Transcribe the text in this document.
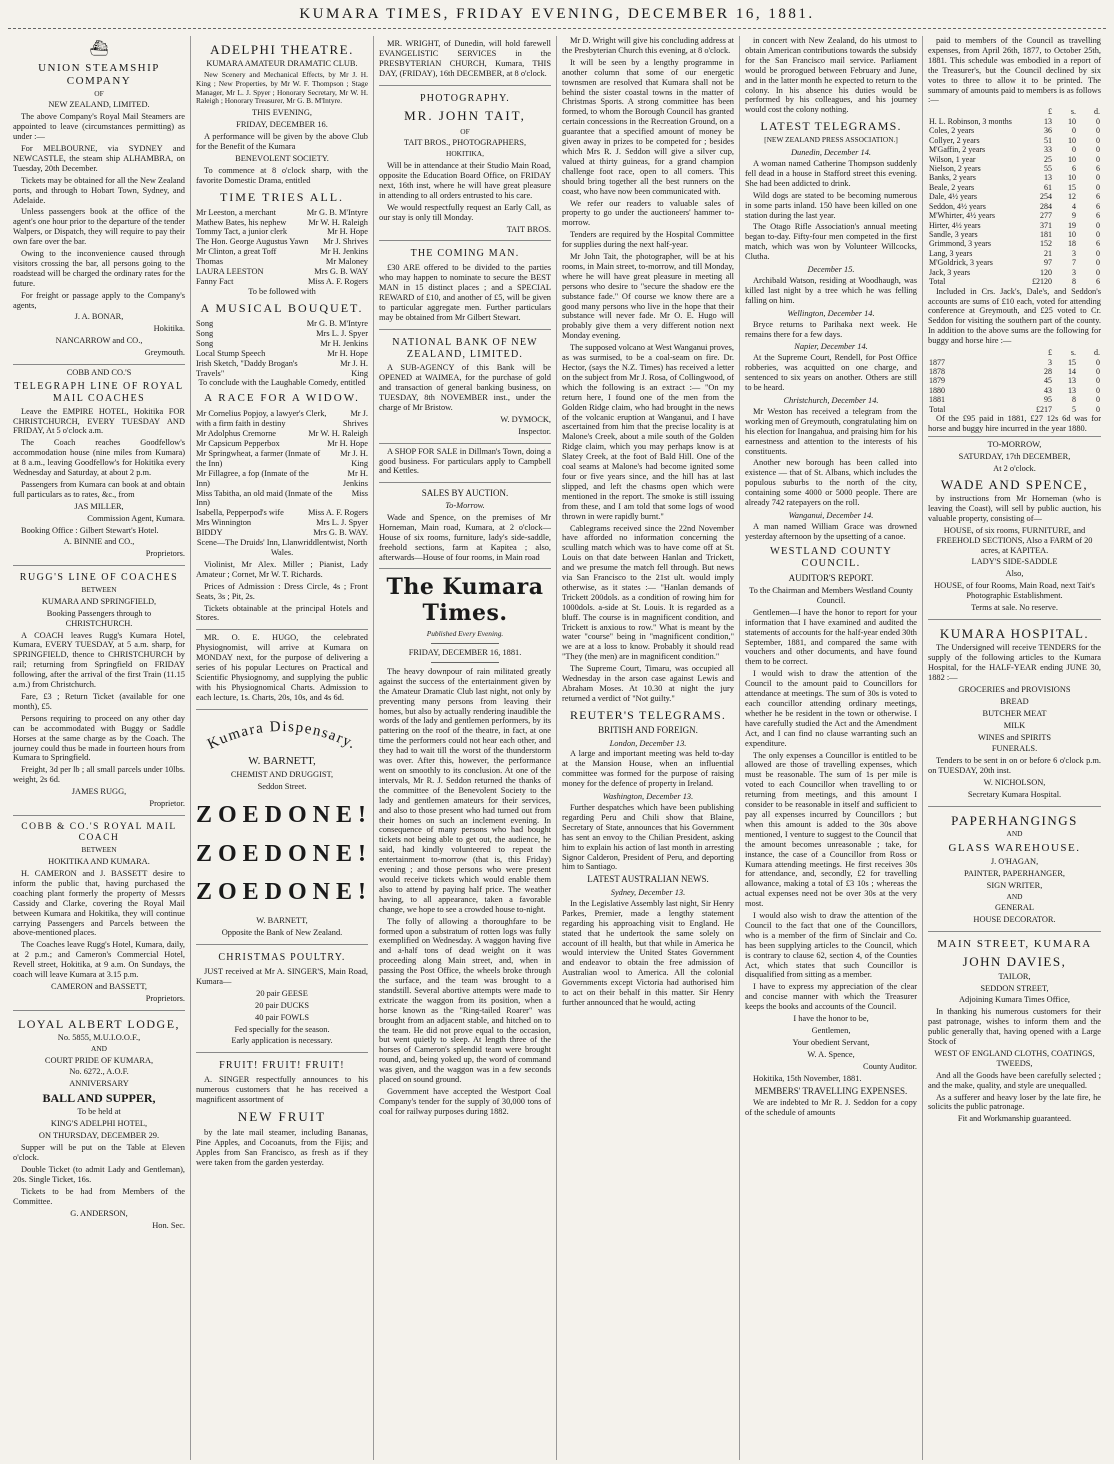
KUMARA TIMES, FRIDAY EVENING, DECEMBER 16, 1881.
⛴
UNION STEAMSHIP COMPANY

OF

NEW ZEALAND, LIMITED.

The above Company's Royal Mail Steamers are appointed to leave (circumstances permitting) as under :—

For MELBOURNE, via SYDNEY and NEWCASTLE, the steam ship ALHAMBRA, on Tuesday, 20th December.

Tickets may be obtained for all the New Zealand ports, and through to Hobart Town, Sydney, and Adelaide.

Unless passengers book at the office of the agent's one hour prior to the departure of the tender Walpers, or Dispatch, they will require to pay their own fare over the bar.

Owing to the inconvenience caused through visitors crossing the bar, all persons going to the roadstead will be charged the ordinary rates for the future.

For freight or passage apply to the Company's agents,

J. A. BONAR,

Hokitika.

NANCARROW and CO.,

Greymouth.

COBB AND CO.'S

TELEGRAPH LINE OF ROYAL MAIL COACHES

Leave the EMPIRE HOTEL, Hokitika FOR CHRISTCHURCH, EVERY TUESDAY AND FRIDAY, At 5 o'clock a.m.

The Coach reaches Goodfellow's accommodation house (nine miles from Kumara) at 8 a.m., leaving Goodfellow's for Hokitika every Wednesday and Saturday, at about 2 p.m.

Passengers from Kumara can book at and obtain full particulars as to rates, &c., from

JAS MILLER,

Commission Agent, Kumara.

Booking Office : Gilbert Stewart's Hotel.

A. BINNIE and CO.,

Proprietors.

RUGG'S LINE OF COACHES

BETWEEN

KUMARA AND SPRINGFIELD,

Booking Passengers through to CHRISTCHURCH.

A COACH leaves Rugg's Kumara Hotel, Kumara, EVERY TUESDAY, at 5 a.m. sharp, for SPRINGFIELD, thence to CHRISTCHURCH by rail; returning from Springfield on FRIDAY following, after the arrival of the first Train (11.15 a.m.) from Christchurch.

Fare, £3 ; Return Ticket (available for one month), £5.

Persons requiring to proceed on any other day can be accommodated with Buggy or Saddle Horses at the same charge as by the Coach. The journey could thus be made in fourteen hours from Kumara to Springfield.

Freight, 3d per lb ; all small parcels under 10lbs. weight, 2s 6d.

JAMES RUGG,

Proprietor.

COBB & CO.'S ROYAL MAIL COACH

BETWEEN

HOKITIKA AND KUMARA.

H. CAMERON and J. BASSETT desire to inform the public that, having purchased the coaching plant formerly the property of Messrs Cassidy and Clarke, covering the Royal Mail between Kumara and Hokitika, they will continue carrying Passengers and Parcels between the above-mentioned places.

The Coaches leave Rugg's Hotel, Kumara, daily, at 2 p.m.; and Cameron's Commercial Hotel, Revell street, Hokitika, at 9 a.m. On Sundays, the coach will leave Kumara at 3.15 p.m.

CAMERON and BASSETT,

Proprietors.

LOYAL ALBERT LODGE,

No. 5855, M.U.I.O.O.F.,

AND

COURT PRIDE OF KUMARA,

No. 6272., A.O.F.

ANNIVERSARY

BALL AND SUPPER,

To be held at

KING'S ADELPHI HOTEL,

ON THURSDAY, DECEMBER 29.

Supper will be put on the Table at Eleven o'clock.

Double Ticket (to admit Lady and Gentleman), 20s. Single Ticket, 16s.

Tickets to be had from Members of the Committee.

G. ANDERSON,

Hon. Sec.

ADELPHI THEATRE.

KUMARA AMATEUR DRAMATIC CLUB.

New Scenery and Mechanical Effects, by Mr J. H. King ; New Properties, by Mr W. F. Thompson ; Stage Manager, Mr L. J. Spyer ; Honorary Secretary, Mr W. H. Raleigh ; Honorary Treasurer, Mr G. B. M'Intyre.

THIS EVENING,

FRIDAY, DECEMBER 16.

A performance will be given by the above Club for the Benefit of the Kumara

BENEVOLENT SOCIETY.

To commence at 8 o'clock sharp, with the favorite Domestic Drama, entitled

TIME TRIES ALL.
Mr Leeston, a merchant	Mr G. B. M'Intyre
Mathew Bates, his nephew	Mr W. H. Raleigh
Tommy Tact, a junior clerk	Mr H. Hope
The Hon. George Augustus Yawn Mr J. Shrives
Mr Clinton, a great Toff	Mr H. Jenkins
Thomas	Mr Maloney
LAURA LEESTON	Mrs G. B. WAY
Fanny Fact	Miss A. F. Rogers

To be followed with

A MUSICAL BOUQUET.
Song	Mr G. B. M'Intyre
Song	Mrs L. J. Spyer
Song	Mr H. Jenkins
Local Stump Speech	Mr H. Hope
Irish Sketch, "Daddy Brogan's Travels"
Mr J. H. King

To conclude with the Laughable Comedy, entitled

A RACE FOR A WIDOW.
Mr Cornelius Popjoy, a lawyer's Clerk, with a firm faith in destiny
Mr J. Shrives
Mr Adolphus Cremorne	Mr W. H. Raleigh
Mr Capsicum Pepperbox	Mr H. Hope
Mr Springwheat, a farmer (Inmate of the Inn)
Mr J. H. King
Mr Fillagree, a fop (Inmate of the Inn)
Mr H. Jenkins
Miss Tabitha, an old maid (Inmate of the Inn)
Miss
Isabella, Pepperpod's wife	Miss A. F. Rogers
Mrs Winnington	Mrs L. J. Spyer
BIDDY	Mrs G. B. WAY.

Scene—The Druids' Inn, Llanwriddlentwist, North Wales.

Violinist, Mr Alex. Miller ; Pianist, Lady Amateur ; Cornet, Mr W. T. Richards.

Prices of Admission : Dress Circle, 4s ; Front Seats, 3s ; Pit, 2s.

Tickets obtainable at the principal Hotels and Stores.

MR. O. E. HUGO, the celebrated Physiognomist, will arrive at Kumara on MONDAY next, for the purpose of delivering a series of his popular Lectures on Practical and Scientific Physiognomy, and supplying the public with his Physiognomical Charts. Admission to each lecture, 1s. Charts, 20s, 10s, and 4s 6d.

Kumara Dispensary.

W. BARNETT,

CHEMIST AND DRUGGIST,

Seddon Street.

ZOEDONE!
ZOEDONE!
ZOEDONE!

W. BARNETT,

Opposite the Bank of New Zealand.

CHRISTMAS POULTRY.

JUST received at Mr A. SINGER'S, Main Road, Kumara—

20 pair GEESE

20 pair DUCKS

40 pair FOWLS

Fed specially for the season.

Early application is necessary.

FRUIT! FRUIT! FRUIT!

A. SINGER respectfully announces to his numerous customers that he has received a magnificent assortment of

NEW FRUIT

by the late mail steamer, including Bananas, Pine Apples, and Cocoanuts, from the Fijis; and Apples from San Francisco, as fresh as if they were taken from the garden yesterday.

MR. WRIGHT, of Dunedin, will hold farewell EVANGELISTIC SERVICES in the PRESBYTERIAN CHURCH, Kumara, THIS DAY, (FRIDAY), 16th DECEMBER, at 8 o'clock.

PHOTOGRAPHY.
MR. JOHN TAIT,

OF

TAIT BROS., PHOTOGRAPHERS,

HOKITIKA,

Will be in attendance at their Studio Main Road, opposite the Education Board Office, on FRIDAY next, 16th inst, where he will have great pleasure in attending to all orders entrusted to his care.

We would respectfully request an Early Call, as our stay is only till Monday.

TAIT BROS.

THE COMING MAN.

£30 ARE offered to be divided to the parties who may happen to nominate to secure the BEST MAN in 15 distinct places ; and a SPECIAL REWARD of £10, and another of £5, will be given to particular aggregate men. Further particulars may be obtained from Mr Gilbert Stewart.

NATIONAL BANK OF NEW ZEALAND, LIMITED.

A SUB-AGENCY of this Bank will be OPENED at WAIMEA, for the purchase of gold and transaction of general banking business, on TUESDAY, 8th NOVEMBER inst., under the charge of Mr Bristow.

W. DYMOCK,

Inspector.

A SHOP FOR SALE in Dillman's Town, doing a good business. For particulars apply to Campbell and Kettles.

SALES BY AUCTION.

To-Morrow.

Wade and Spence, on the premises of Mr Horneman, Main road, Kumara, at 2 o'clock—House of six rooms, furniture, lady's side-saddle, freehold sections, farm at Kapitea ; also, afterwards—House of four rooms, in Main road

The Kumara Times.

Published Every Evening.

FRIDAY, DECEMBER 16, 1881.

The heavy downpour of rain militated greatly against the success of the entertainment given by the Amateur Dramatic Club last night, not only by preventing many persons from leaving their homes, but also by actually rendering inaudible the words of the lady and gentlemen performers, by its pattering on the roof of the theatre, in fact, at one time the performers could not hear each other, and they had to wait till the worst of the thunderstorm was over. After this, however, the performance went on smoothly to its conclusion. At one of the intervals, Mr R. J. Seddon returned the thanks of the committee of the Benevolent Society to the lady and gentlemen amateurs for their services, and also to those present who had turned out from their homes on such an inclement evening. In consequence of many persons who had bought tickets not being able to get out, the audience, he said, had kindly volunteered to repeat the entertainment to-morrow (that is, this Friday) evening ; and those persons who were present would receive tickets which would enable them also to attend by paying half price. The weather having, to all appearance, taken a favorable change, we hope to see a crowded house to-night.

The folly of allowing a thoroughfare to be formed upon a substratum of rotten logs was fully exemplified on Wednesday. A waggon having five and a-half tons of dead weight on it was proceeding along Main street, and, when in passing the Post Office, the wheels broke through the surface, and the team was brought to a standstill. Several abortive attempts were made to extricate the waggon from its position, when a horse known as the "Ring-tailed Roarer" was brought from an adjacent stable, and hitched on to the team. He did not prove equal to the occasion, but went quietly to sleep. At length three of the horses of Cameron's splendid team were brought round, and, being yoked up, the word of command was given, and the waggon was in a few seconds placed on sound ground.

Government have accepted the Westport Coal Company's tender for the supply of 30,000 tons of coal for railway purposes during 1882.

Mr D. Wright will give his concluding address at the Presbyterian Church this evening, at 8 o'clock.

It will be seen by a lengthy programme in another column that some of our energetic townsmen are resolved that Kumara shall not be behind the sister coastal towns in the matter of Christmas Sports. A strong committee has been formed, to whom the Borough Council has granted certain concessions in the Recreation Ground, on a guarantee that a specified amount of money be given away in prizes to be competed for ; besides which Mrs R. J. Seddon will give a silver cup, valued at thirty guineas, for a grand champion challenge foot race, open to all comers. This should bring together all the best runners on the coast, who have now been communicated with.

We refer our readers to valuable sales of property to go under the auctioneers' hammer to-morrow.

Tenders are required by the Hospital Committee for supplies during the next half-year.

Mr John Tait, the photographer, will be at his rooms, in Main street, to-morrow, and till Monday, where he will have great pleasure in meeting all persons who desire to "secure the shadow ere the substance fade." Of course we know there are a good many persons who live in the hope that their substance will never fade. Mr O. E. Hugo will probably give them a very different notion next Monday evening.

The supposed volcano at West Wanganui proves, as was surmised, to be a coal-seam on fire. Dr. Hector, (says the N.Z. Times) has received a letter on the subject from Mr J. Rosa, of Collingwood, of which the following is an extract :— "On my return here, I found one of the men from the Golden Ridge claim, who had brought in the news of the volcanic eruption at Wanganui, and I have ascertained from him that the precise locality is at Malone's Creek, about a mile south of the Golden Ridge claim, which you may perhaps know is at Slatey Creek, at the foot of Bald Hill. One of the coal seams at Malone's had become ignited some four or five years since, and the hill has at last slipped, and left the chasms open which were mentioned in the report. The smoke is still issuing from these, and I am told that some logs of wood thrown in were rapidly burnt."

Cablegrams received since the 22nd November have afforded no information concerning the sculling match which was to have come off at St. Louis on that date between Hanlan and Trickett, and we presume the match fell through. But news via San Francisco to the 21st ult. would imply otherwise, as it states :— "Hanlan demands of Trickett 200dols. as a condition of rowing him for 1000dols. a-side at St. Louis. It is regarded as a bluff. The course is in magnificent condition, and Trickett is anxious to row." What is meant by the water "course" being in "magnificent condition," we are at a loss to know. Probably it should read "They (the men) are in magnificent condition."

The Supreme Court, Timaru, was occupied all Wednesday in the arson case against Lewis and Abraham Moses. At 10.30 at night the jury returned a verdict of "Not guilty."

REUTER'S TELEGRAMS.
BRITISH AND FOREIGN.
London, December 13.

A large and important meeting was held to-day at the Mansion House, when an influential committee was formed for the purpose of raising money for the defence of property in Ireland.

Washington, December 13.

Further despatches which have been publishing regarding Peru and Chili show that Blaine, Secretary of State, announces that his Government has sent an envoy to the Chilian President, asking him to explain his action of last month in arresting Signor Calderon, President of Peru, and deporting him to Santiago.

LATEST AUSTRALIAN NEWS.
Sydney, December 13.

In the Legislative Assembly last night, Sir Henry Parkes, Premier, made a lengthy statement regarding his approaching visit to England. He stated that he undertook the same solely on account of ill health, but that while in America he would interview the United States Government and endeavor to obtain the free admission of Australian wool to America. All the colonial Governments except Victoria had authorised him to act on their behalf in this matter. Sir Henry further announced that he would, acting

in concert with New Zealand, do his utmost to obtain American contributions towards the subsidy for the San Francisco mail service. Parliament would be prorogued between February and June, and in the latter month he expected to return to the colony. In his absence his duties would be performed by his colleagues, and his journey would cost the colony nothing.

LATEST TELEGRAMS.

[NEW ZEALAND PRESS ASSOCIATION.]

Dunedin, December 14.

A woman named Catherine Thompson suddenly fell dead in a house in Stafford street this evening. She had been addicted to drink.

Wild dogs are stated to be becoming numerous in some parts inland. 150 have been killed on one station during the last year.

The Otago Rifle Association's annual meeting began to-day. Fifty-four men competed in the first match, which was won by Volunteer Willcocks, Clutha.

December 15.

Archibald Watson, residing at Woodhaugh, was killed last night by a tree which he was felling falling on him.

Wellington, December 14.

Bryce returns to Parihaka next week. He remains there for a few days.

Napier, December 14.

At the Supreme Court, Rendell, for Post Office robberies, was acquitted on one charge, and sentenced to six years on another. Others are still to be heard.

Christchurch, December 14.

Mr Weston has received a telegram from the working men of Greymouth, congratulating him on his election for Inangahua, and praising him for his earnestness and attention to the interests of his constituents.

Another new borough has been called into existence — that of St. Albans, which includes the populous suburbs to the north of the city, containing some 4000 or 5000 people. There are already 742 ratepayers on the roll.

Wanganui, December 14.

A man named William Grace was drowned yesterday afternoon by the upsetting of a canoe.

WESTLAND COUNTY COUNCIL.
AUDITOR'S REPORT.

To the Chairman and Members Westland County Council.

Gentlemen—I have the honor to report for your information that I have examined and audited the statements of accounts for the half-year ended 30th September, 1881, and compared the same with vouchers and other documents, and have found them to be correct.

I would wish to draw the attention of the Council to the amount paid to Councillors for attendance at meetings. The sum of 30s is voted to each councillor attending ordinary meetings, whether he be resident in the town or otherwise. I have carefully studied the Act and the Amendment Act, and I can find no clause warranting such an expenditure.

The only expenses a Councillor is entitled to be allowed are those of travelling expenses, which must be reasonable. The sum of 1s per mile is voted to each Councillor when travelling to or returning from meetings, and this amount I consider to be reasonable in itself and sufficient to pay all expenses incurred by Councillors ; but when this amount is added to the 30s above mentioned, I venture to suggest to the Council that the amount becomes unreasonable ; take, for instance, the case of a Councillor from Ross or Kumara attending meetings. He first receives 30s for attendance, and, secondly, £2 for travelling allowance, making a total of £3 10s ; whereas the actual expenses need not be over 30s at the very most.

I would also wish to draw the attention of the Council to the fact that one of the Councillors, who is a member of the firm of Sinclair and Co. has been supplying articles to the Council, which is contrary to clause 62, section 4, of the Counties Act, which states that such Councillor is disqualified from sitting as a member.

I have to express my appreciation of the clear and concise manner with which the Treasurer keeps the books and accounts of the Council.

I have the honor to be,

Gentlemen,

Your obedient Servant,

W. A. Spence,

County Auditor.

Hokitika, 15th November, 1881.

MEMBERS' TRAVELLING EXPENSES.

We are indebted to Mr R. J. Seddon for a copy of the schedule of amounts

paid to members of the Council as travelling expenses, from April 26th, 1877, to October 25th, 1881. This schedule was embodied in a report of the Treasurer's, but the Council declined by six votes to three to allow it to be printed. The summary of amounts paid to members is as follows :—

	£	s.	d.
H. L. Robinson, 3 months	13	10	0
Coles, 2 years	36	0	0
Collyer, 2 years	51	10	0
M'Gaffin, 2 years	33	0	0
Wilson, 1 year	25	10	0
Nielson, 2 years	55	6	6
Banks, 2 years	13	10	0
Beale, 2 years	61	15	0
Dale, 4½ years	254	12	6
Seddon, 4½ years	284	4	6
M'Whirter, 4½ years	277	9	6
Hirter, 4½ years	371	19	0
Sandle, 3 years	181	10	0
Grimmond, 3 years	152	18	6
Lang, 3 years	21	3	0
M'Goldrick, 3 years	97	7	0
Jack, 3 years	120	3	0
Total	£2120	8	6

Included in Crs. Jack's, Dale's, and Seddon's accounts are sums of £10 each, voted for attending conference at Greymouth, and £25 voted to Cr. Seddon for visiting the southern part of the county. In addition to the above sums are the following for buggy and horse hire :—

	£	s.	d.
1877	3	15	0
1878	28	14	0
1879	45	13	0
1880	43	13	0
1881	95	8	0
Total	£217	5	0

Of the £95 paid in 1881, £27 12s 6d was for horse and buggy hire incurred in the year 1880.

TO-MORROW,

SATURDAY, 17th DECEMBER,

At 2 o'clock.

WADE AND SPENCE,

by instructions from Mr Horneman (who is leaving the Coast), will sell by public auction, his valuable property, consisting of—

HOUSE, of six rooms, FURNITURE, and FREEHOLD SECTIONS, Also a FARM of 20 acres, at KAPITEA.

LADY'S SIDE-SADDLE

Also,

HOUSE, of four Rooms, Main Road, next Tait's Photographic Establishment.

Terms at sale. No reserve.

KUMARA HOSPITAL.

The Undersigned will receive TENDERS for the supply of the following articles to the Kumara Hospital, for the HALF-YEAR ending JUNE 30, 1882 :—

GROCERIES and PROVISIONS

BREAD

BUTCHER MEAT

MILK

WINES and SPIRITS

FUNERALS.

Tenders to be sent in on or before 6 o'clock p.m. on TUESDAY, 20th inst.

W. NICHOLSON,

Secretary Kumara Hospital.

PAPERHANGINGS

AND

GLASS WAREHOUSE.

J. O'HAGAN,

PAINTER, PAPERHANGER,

SIGN WRITER,

AND

GENERAL

HOUSE DECORATOR.

MAIN STREET, KUMARA
JOHN DAVIES,

TAILOR,

SEDDON STREET,

Adjoining Kumara Times Office,

In thanking his numerous customers for their past patronage, wishes to inform them and the public generally that, having opened with a Large Stock of

WEST OF ENGLAND CLOTHS, COATINGS, TWEEDS,

And all the Goods have been carefully selected ; and the make, quality, and style are unequalled.

As a sufferer and heavy loser by the late fire, he solicits the public patronage.

Fit and Workmanship guaranteed.
